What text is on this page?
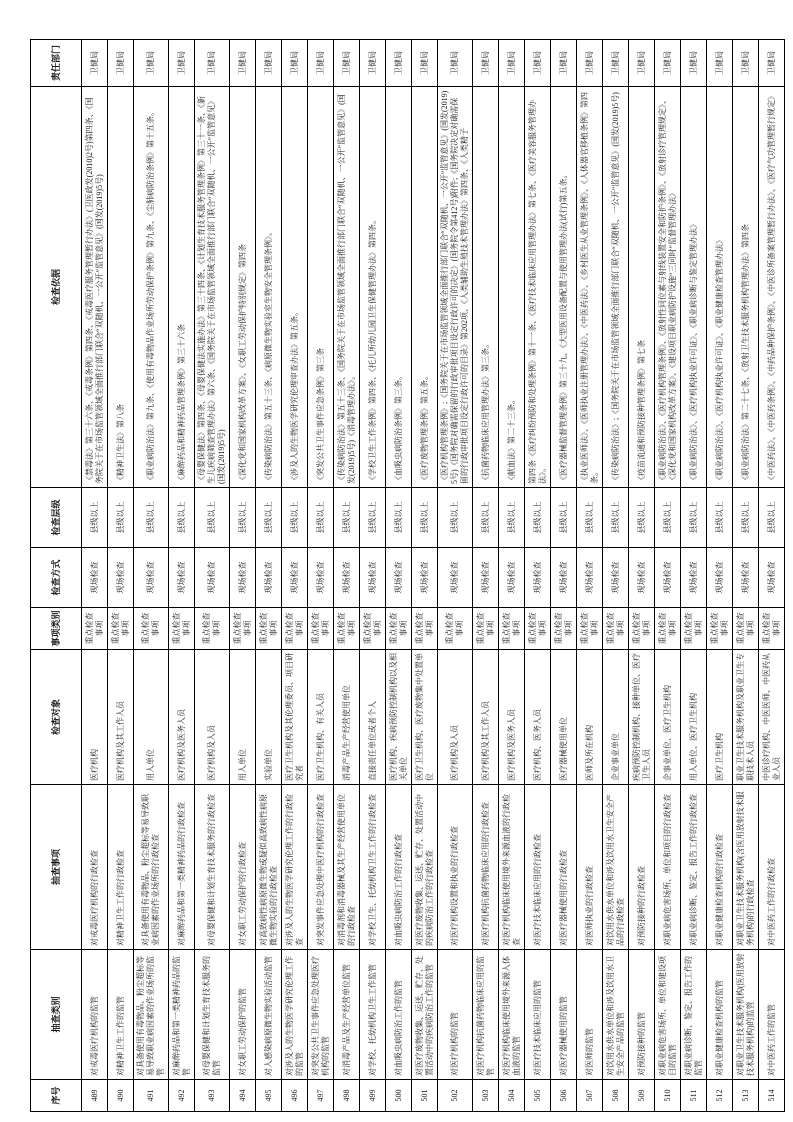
序号	抽查类别	抽查事项	检查对象	事项类别	检查方式	检查层级	检查依据	责任部门
489	对戒毒医疗机构的监管	对戒毒医疗机构的行政检查	医疗机构	重点检查事项	现场检查	县级以上	《禁毒法》第三十六条、《戒毒条例》第四条、《戒毒医疗服务管理暂行办法》(卫医政发(2010)2号)第四条、《国务院关于在市场监管领域全面推行部门联合“双随机、一公开”监管意见》(国发(2019)5号)	卫健局
490	对精神卫生工作的监管	对精神卫生工作的行政检查	医疗机构及其工作人员	重点检查事项	现场检查	县级以上	《精神卫生法》第八条	卫健局
491	对具备使用有毒物品、粉尘超标等易导致职业病因素的作业场所的监管	对具备使用有毒物品、粉尘超标等易导致职业病因素的作业场所的行政检查	用人单位	重点检查事项	现场检查	县级以上	《职业病防治法》第九条、《使用有毒物品作业场所劳动保护条例》第九条、《尘肺病防治条例》第十五条。	卫健局
492	对麻醉药品和第一类精神药品的监管	对麻醉药品和第一类精神药品的行政检查	医疗机构及医务人员	重点检查事项	现场检查	县级以上	《麻醉药品和精神药品管理条例》第三十六条	卫健局
493	对母婴保健和计划生育技术服务的监管	对母婴保健和计划生育技术服务的行政检查	医疗机构及人员	重点检查事项	现场检查	县级以上	《母婴保健法》第四条、《母婴保健法实施办法》第三十四条、《计划生育技术服务管理条例》第三十一条、《新生儿疾病筛查管理办法》第六条、《国务院关于在市场监管领域全面推行部门联合“双随机、一公开”监管意见》(国发(2019)5号)	卫健局
494	对女职工劳动保护的监管	对女职工劳动保护的行政检查	用人单位	重点检查事项	现场检查	县级以上	《深化党和国家机构改革方案》、《女职工劳动保护特别规定》第四条	卫健局
495	对人感染病原微生物实验活动监管	对高致病性病原微生物或疑似高致病性病原微生物实验的行政检查	实验单位	重点检查事项	现场检查	县级以上	《传染病防治法》第五十三条、《病原微生物实验室生物安全管理条例》。	卫健局
496	对涉及人的生物医学研究伦理工作的监管	对涉及人的生物医学研究伦理工作的行政检查	医疗卫生机构及其伦理委员、项目研究者	重点检查事项	现场检查	县级以上	《涉及人的生物医学研究伦理审查办法》第五条。	卫健局
497	对突发公共卫生事件应急处理医疗机构的监管	对突发事件应急处理中医疗机构的行政检查	医疗卫生机构、有关人员	重点检查事项	现场检查	县级以上	《突发公共卫生事件应急条例》第三条	卫健局
498	对消毒产品及生产经营单位监管	对消毒剂和消毒器械及其生产经营使用单位的行政检查	消毒产品生产经营使用单位	重点检查事项	现场检查	县级以上	《传染病防治法》第五十三条、《国务院关于在市场监管领域全面推行部门联合“双随机、一公开”监管意见》(国发(2019)5号)《消毒管理办法》。	卫健局
499	对学校、托幼机构卫生工作监管	对学校卫生、托幼机构卫生工作的行政检查	直接责任单位或者个人	重点检查事项	现场检查	县级以上	《学校卫生工作条例》第四条、《托儿所幼儿园卫生保健管理办法》第四条。	卫健局
500	对血吸虫病防治工作的监管	对血吸虫病防治工作的行政检查	医疗机构、疾病预防控制机构以及相关单位	重点检查事项	现场检查	县级以上	《血吸虫病防治条例》第三条。	卫健局
501	对医疗废物收集、运送、贮存、处置活动中的疾病防治工作的监管	对医疗废物收集、运送、贮存、处置活动中的疾病防治工作的行政检查	医疗卫生机构、医疗废物集中处置单位	重点检查事项	现场检查	县级以上	《医疗废物管理条例》第五条。	卫健局
502	对医疗机构的监管	对医疗机构设置和执业的行政检查	医疗机构及人员	重点检查事项	现场检查	县级以上	《医疗机构管理条例》;《国务院关于在市场监管领域全面推行部门联合“双随机、一公开”监管意见》(国发(2019)5号)《国务院对确需保留的行政审批项目设定行政许可的决定》(国务院令第412号)附件;《国务院决定对确需保留的行政审批项目设定行政许可的目录》第202项、《人类辅助生殖技术管理办法》第四条、《人类精子	卫健局
503	对医疗机构抗菌药物临床应用的监管	对医疗机构抗菌药物临床应用的行政检查	医疗机构及其工作人员	重点检查事项	现场检查	县级以上	《抗菌药物临床应用管理办法》第三条。	卫健局
504	对医疗机构临床使用境外来源人体血液的监管	对医疗机构临床使用境外来源血液的行政检查	医疗机构及医务人员	重点检查事项	现场检查	县级以上	《献血法》第二十三条。	卫健局
505	对医疗技术临床应用的监管	对医疗技术临床应用的行政检查	医疗机构、医务人员	重点检查事项	现场检查	县级以上	第四条《医疗纠纷预防和处理条例》第十一条、《医疗技术临床应用管理办法》第七条、《医疗美容服务管理办法》。	卫健局
506	对医疗器械使用的监管	对医疗器械使用的行政检查	医疗器械使用单位	重点检查事项	现场检查	县级以上	《医疗器械监督管理条例》第三十九、《大型医用设备配置与使用管理办法(试行)第五条。	卫健局
507	对医师的监管	对医师执业的行政检查	医师及所在机构	重点检查事项	现场检查	县级以上	《执业医师法》、《医师执业注册管理办法》、《中医药法》、《乡村医生从业管理条例》、《人体器官移植条例》第四条。	卫健局
508	对饮用水供水单位和涉及饮用水卫生安全产品的监管	对饮用水供水单位和涉及饮用水卫生安全产品的行政检查	企业事业单位	重点检查事项	现场检查	县级以上	《传染病防治法》;《国务院关于在市场监管领域全面推行部门联合“双随机、一公开”监管意见》(国发(2019)5号)	卫健局
509	对预防接种的监管	对预防接种的行政检查	疾病预防控制机构、接种单位、医疗卫生人员	重点检查事项	现场检查	县级以上	《疫苗流通和预防接种管理条例》第七条	卫健局
510	对职业病危害场所、单位和建设项目的监管	对职业病危害场所、单位和项目的行政检查	企事业单位、医疗卫生机构	重点检查事项	现场检查	县级以上	《职业病防治法》、《医疗机构管理条例》、《放射性同位素与射线装置安全和防护条例》、《放射诊疗管理规定》、《深化党和国家机构改革方案》、《建设项目职业病防护设施“三同时”监督管理办法》	卫健局
511	对职业病诊断、鉴定、报告工作的监管	对职业病诊断、鉴定、报告工作的行政检查	用人单位、医疗卫生机构	重点检查事项	现场检查	县级以上	《职业病防治法》、《医疗机构执业许可证》、《职业病诊断与鉴定管理办法》	卫健局
512	对职业健康检查机构的监管	对职业健康检查机构的行政检查	医疗卫生机构	重点检查事项	现场检查	县级以上	《职业病防治法》、《医疗机构执业许可证》、《职业健康检查管理办法》	卫健局
513	对职业卫生技术服务机构(医用放射技术服务机构)的监管	对职业卫生技术服务机构(含医用放射技术服务机构)的行政检查	职业卫生技术服务机构及职业卫生专职技术人员	重点检查事项	现场检查	县级以上	《职业病防治法》第二十七条、《放射卫生技术服务机构管理办法》第四条	卫健局
514	对中医药工作的监管	对中医药工作的行政检查	中医诊疗机构、中医医师、中医药从业人员	重点检查事项	现场检查	县级以上	《中医药法》、《中医药条例》、《中药品种保护条例》、《中医诊所备案管理暂行办法》、《医疗气功管理暂行规定》	卫健局
